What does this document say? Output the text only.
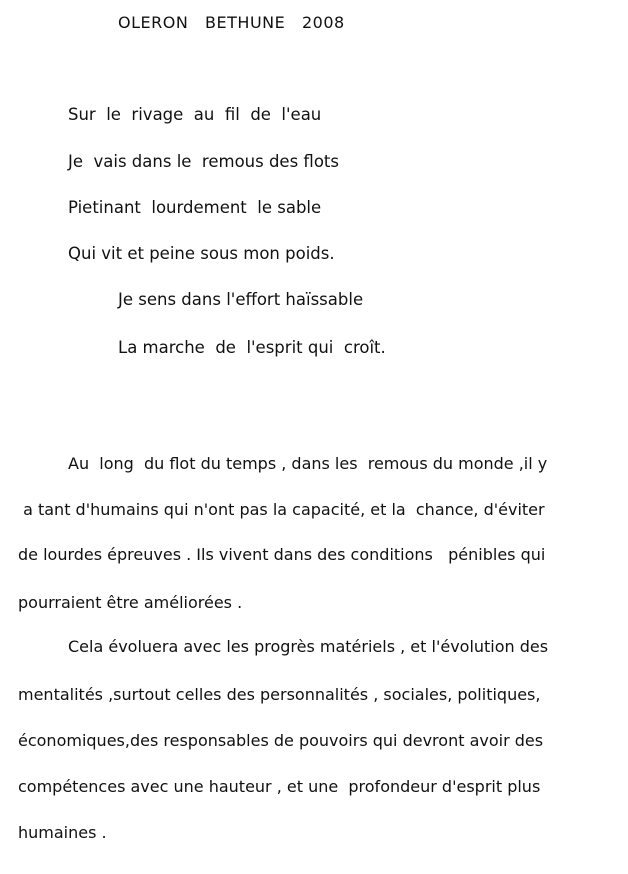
OLERON   BETHUNE   2008
Sur  le  rivage  au  fil  de  l'eau
Je  vais dans le  remous des flots
Pietinant  lourdement  le sable
Qui vit et peine sous mon poids.
Je sens dans l'effort haïssable
La marche  de  l'esprit qui  croît.
Au  long  du flot du temps , dans les  remous du monde ,il y
a tant d'humains qui n'ont pas la capacité, et la  chance, d'éviter
de lourdes épreuves . Ils vivent dans des conditions   pénibles qui
pourraient être améliorées .
Cela évoluera avec les progrès matériels , et l'évolution des
mentalités ,surtout celles des personnalités , sociales, politiques,
économiques,des responsables de pouvoirs qui devront avoir des
compétences avec une hauteur , et une  profondeur d'esprit plus
humaines .
